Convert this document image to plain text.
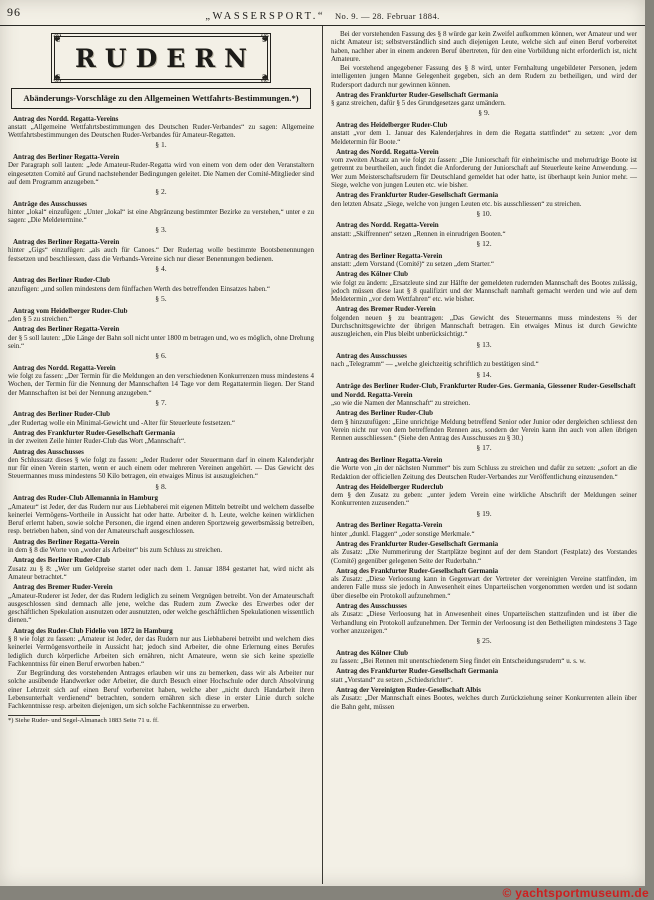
96	„WASSERSPORT.“ No. 9. — 28. Februar 1884.
❦	❦
❦	❦
RUDERN
Abänderungs-Vorschläge zu den Allgemeinen Wettfahrts-Bestimmungen.*)
Antrag des Nordd. Regatta-Vereins
anstatt „Allgemeine Wettfahrtsbestimmungen des Deutschen Ruder-Verbandes“ zu sagen: Allgemeine Wettfahrtsbestimmungen des Deutschen Ruder-Verbandes für Amateur-Regatten.
§ 1.
Antrag des Berliner Regatta-Verein
Der Paragraph soll lauten: „Jede Amateur-Ruder-Regatta wird von einem von dem oder den Veranstaltern eingesetzten Comité auf Grund nachstehender Bedingungen geleitet. Die Namen der Comité-Mitglieder sind auf dem Programm anzugeben.“
§ 2.
Anträge des Ausschusses
hinter „lokal“ einzufügen: „Unter „lokal“ ist eine Abgränzung bestimmter Bezirke zu verstehen,“ unter e zu sagen: „Die Meldetermine.“
§ 3.
Antrag des Berliner Regatta-Verein
hinter „Gigs“ einzufügen: „als auch für Canoes.“ Der Rudertag wolle bestimmte Bootsbenennungen festsetzen und beschliessen, dass die Verbands-Vereine sich nur dieser Benennungen bedienen.
§ 4.
Antrag des Berliner Ruder-Club
anzufügen: „und sollen mindestens dem fünffachen Werth des betreffenden Einsatzes haben.“
§ 5.
Antrag vom Heidelberger Ruder-Club
„den § 5 zu streichen.“
Antrag des Berliner Regatta-Verein
der § 5 soll lauten: „Die Länge der Bahn soll nicht unter 1800 m betragen und, wo es möglich, ohne Drehung sein.“
§ 6.
Antrag des Nordd. Regatta-Verein
wie folgt zu fassen: „Der Termin für die Meldungen an den verschiedenen Konkurrenzen muss mindestens 4 Wochen, der Termin für die Nennung der Mannschaften 14 Tage vor dem Regattatermin liegen. Der Stand der Mannschaften ist bei der Nennung anzugeben.“
§ 7.
Antrag des Berliner Ruder-Club
„der Rudertag wolle ein Minimal-Gewicht und -Alter für Steuerleute festsetzen.“
Antrag des Frankfurter Ruder-Gesellschaft Germania
in der zweiten Zeile hinter Ruder-Club das Wort „Mannschaft“.
Antrag des Ausschusses
den Schlusssatz dieses § wie folgt zu fassen: „Jeder Ruderer oder Steuermann darf in einem Kalenderjahr nur für einen Verein starten, wenn er auch einem oder mehreren Vereinen angehört. — Das Gewicht des Steuermannes muss mindestens 50 Kilo betragen, ein etwaiges Minus ist auszugleichen.“
§ 8.
Antrag des Ruder-Club Allemannia in Hamburg
„Amateur“ ist Jeder, der das Rudern nur aus Liebhaberei mit eigenen Mitteln betreibt und welchem dasselbe keinerlei Vermögens-Vortheile in Aussicht hat oder hatte. Arbeiter d. h. Leute, welche keinen wirklichen Beruf erlernt haben, sowie solche Personen, die irgend einen anderen Sportzweig gewerbsmässig betreiben, resp. betrieben haben, sind von der Amateurschaft ausgeschlossen.
Antrag des Berliner Regatta-Verein
in dem § 8 die Worte von „weder als Arbeiter“ bis zum Schluss zu streichen.
Antrag des Berliner Ruder-Club
Zusatz zu § 8: „Wer um Geldpreise startet oder nach dem 1. Januar 1884 gestartet hat, wird nicht als Amateur betrachtet.“
Antrag des Bremer Ruder-Verein
„Amateur-Ruderer ist Jeder, der das Rudern lediglich zu seinem Vergnügen betreibt. Von der Amateurschaft ausgeschlossen sind demnach alle jene, welche das Rudern zum Zwecke des Erwerbes oder der geschäftlichen Spekulation ausnutzen oder ausnutzten, oder welche geschäftlichen Spekulationen wissentlich dienen.“
Antrag des Ruder-Club Fidelio von 1872 in Hamburg
§ 8 wie folgt zu fassen: „Amateur ist Jeder, der das Rudern nur aus Liebhaberei betreibt und welchem dies keinerlei Vermögensvortheile in Aussicht hat; jedoch sind Arbeiter, die ohne Erlernung eines Berufes lediglich durch körperliche Arbeiten sich ernähren, nicht Amateure, wenn sie sich keine spezielle Fachkenntniss für einen Beruf erworben haben.“
Zur Begründung des vorstehenden Antrages erlauben wir uns zu bemerken, dass wir als Arbeiter nur solche ausübende Handwerker oder Arbeiter, die durch Besuch einer Hochschule oder durch Absolvirung einer Lehrzeit sich auf einen Beruf vorbereitet haben, welche aber „nicht durch Handarbeit ihren Lebensunterhalt verdienend“ betrachten, sondern ernähren sich diese in erster Linie durch solche Fachkenntnisse resp. arbeiten diejenigen, um sich solche Fachkenntnisse zu erwerben.
*) Siehe Ruder- und Segel-Almanach 1883 Seite 71 u. ff.
Bei der vorstehenden Fassung des § 8 würde gar kein Zweifel aufkommen können, wer Amateur und wer nicht Amateur ist; selbstverständlich sind auch diejenigen Leute, welche sich auf einen Beruf vorbereitet haben, nachher aber in einem anderen Beruf übertreten, für den eine Vorbildung nicht erforderlich ist, nicht Amateure.
Bei vorstehend angegebener Fassung des § 8 wird, unter Fernhaltung ungebildeter Personen, jedem intelligenten jungen Manne Gelegenheit gegeben, sich an dem Rudern zu betheiligen, und wird der Rudersport dadurch nur gewinnen können.
Antrag des Frankfurter Ruder-Gesellschaft Germania
§ ganz streichen, dafür § 5 des Grundgesetzes ganz umändern.
§ 9.
Antrag des Heidelberger Ruder-Club
anstatt „vor dem 1. Januar des Kalenderjahres in dem die Regatta stattfindet“ zu setzen: „vor dem Meldetermin für Boote.“
Antrag des Nordd. Regatta-Verein
vom zweiten Absatz an wie folgt zu fassen: „Die Juniorschaft für einheimische und mehrrudrige Boote ist getrennt zu beurtheilen, auch findet die Anforderung der Juniorschaft auf Steuerleute keine Anwendung. — Wer zum Meisterschaftsrudern für Deutschland gemeldet hat oder hatte, ist überhaupt kein Junior mehr. — Siege, welche von jungen Leuten etc. wie bisher.
Antrag des Frankfurter Ruder-Gesellschaft Germania
den letzten Absatz „Siege, welche von jungen Leuten etc. bis ausschliessen“ zu streichen.
§ 10.
Antrag des Nordd. Regatta-Verein
anstatt: „Skiffrennen“ setzen „Rennen in einrudrigen Booten.“
§ 12.
Antrag des Berliner Regatta-Verein
anstatt: „dem Vorstand (Comité)“ zu setzen „dem Starter.“
Antrag des Kölner Club
wie folgt zu ändern: „Ersatzleute sind zur Hälfte der gemeldeten rudernden Mannschaft des Bootes zulässig, jedoch müssen diese laut § 8 qualifizirt und der Mannschaft namhaft gemacht werden und wie auf dem Meldetermin „vor dem Wettfahren“ etc. wie bisher.
Antrag des Bremer Ruder-Verein
folgenden neuen § zu beantragen: „Das Gewicht des Steuermanns muss mindestens ⅔ der Durchschnittsgewichte der übrigen Mannschaft betragen. Ein etwaiges Minus ist durch Gewichte auszugleichen, ein Plus bleibt unberücksichtigt.“
§ 13.
Antrag des Ausschusses
nach „Telegramm“ — „welche gleichzeitig schriftlich zu bestätigen sind.“
§ 14.
Anträge des Berliner Ruder-Club, Frankfurter Ruder-Ges. Germania, Giessener Ruder-Gesellschaft und Nordd. Regatta-Verein
„so wie die Namen der Mannschaft“ zu streichen.
Antrag des Berliner Ruder-Club
dem § hinzuzufügen: „Eine unrichtige Meldung betreffend Senior oder Junior oder dergleichen schliesst den Verein nicht nur von dem betreffenden Rennen aus, sondern der Verein kann ihn auch von allen übrigen Rennen ausschliessen.“ (Siehe den Antrag des Ausschusses zu § 30.)
§ 17.
Antrag des Berliner Regatta-Verein
die Worte von „in der nächsten Nummer“ bis zum Schluss zu streichen und dafür zu setzen: „sofort an die Redaktion der officiellen Zeitung des Deutschen Ruder-Verbandes zur Veröffentlichung einzusenden.“
Antrag des Heidelberger Ruderclub
dem § den Zusatz zu geben: „unter jedem Verein eine wirkliche Abschrift der Meldungen seiner Konkurrenten zuzusenden.“
§ 19.
Antrag des Berliner Regatta-Verein
hinter „dunkl. Flaggen“ „oder sonstige Merkmale.“
Antrag des Frankfurter Ruder-Gesellschaft Germania
als Zusatz: „Die Nummerirung der Startplätze beginnt auf der dem Standort (Festplatz) des Vorstandes (Comité) gegenüber gelegenen Seite der Ruderbahn.“
Antrag des Frankfurter Ruder-Gesellschaft Germania
als Zusatz: „Diese Verloosung kann in Gegenwart der Vertreter der vereinigten Vereine stattfinden, im anderen Falle muss sie jedoch in Anwesenheit eines Unparteiischen vorgenommen werden und ist sodann über dieselbe ein Protokoll aufzunehmen.“
Antrag des Ausschusses
als Zusatz: „Diese Verloosung hat in Anwesenheit eines Unparteiischen stattzufinden und ist über die Verhandlung ein Protokoll aufzunehmen. Der Termin der Verloosung ist den Betheiligten mindestens 3 Tage vorher anzuzeigen.“
§ 25.
Antrag des Kölner Club
zu fassen: „Bei Rennen mit unentschiedenem Sieg findet ein Entscheidungsrudern“ u. s. w.
Antrag des Frankfurter Ruder-Gesellschaft Germania
statt „Vorstand“ zu setzen „Schiedsrichter“.
Antrag der Vereinigten Ruder-Gesellschaft Albis
als Zusatz: „Der Mannschaft eines Bootes, welches durch Zurückziehung seiner Konkurrenten allein über die Bahn geht, müssen
© yachtsportmuseum.de
